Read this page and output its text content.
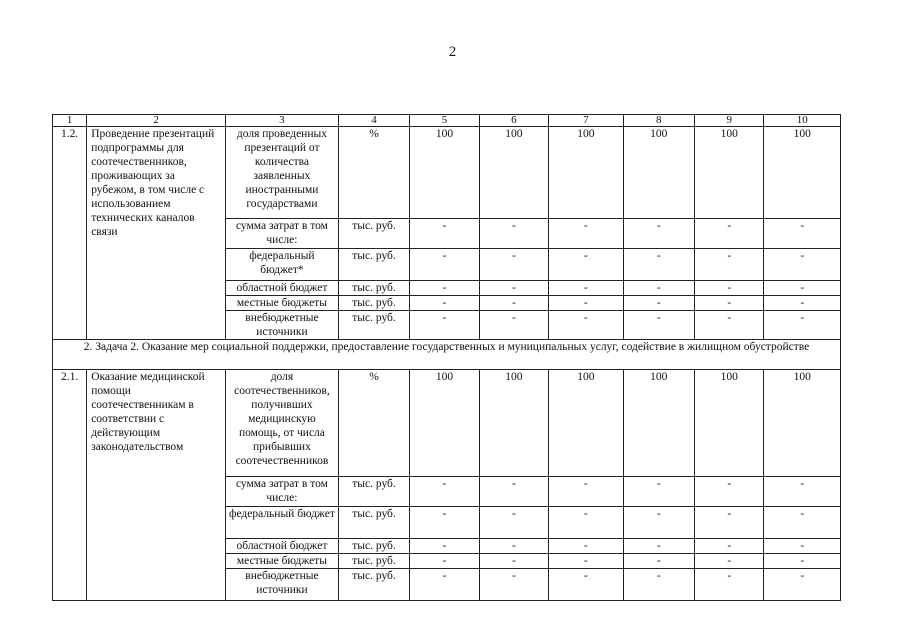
2
1	2	3	4	5	6	7	8	9	10
1.2.	Проведение презентаций подпрограммы для соотечественников, проживающих за рубежом, в том числе с использованием технических каналов связи	доля проведенных презентаций от количества заявленных иностранными государствами	%	100	100	100	100	100	100
		сумма затрат в том числе:	тыс. руб.	-	-	-	-	-	-
		федеральный бюджет*	тыс. руб.	-	-	-	-	-	-
		областной бюджет	тыс. руб.	-	-	-	-	-	-
		местные бюджеты	тыс. руб.	-	-	-	-	-	-
		внебюджетные источники	тыс. руб.	-	-	-	-	-	-
2. Задача 2. Оказание мер социальной поддержки, предоставление государственных и муниципальных услуг, содействие в жилищном обустройстве									
2.1.	Оказание медицинской помощи соотечественникам в соответствии с действующим законодательством	доля соотечественников, получивших медицинскую помощь, от числа прибывших соотечественников	%	100	100	100	100	100	100
		сумма затрат в том числе:	тыс. руб.	-	-	-	-	-	-
		федеральный бюджет	тыс. руб.	-	-	-	-	-	-
		областной бюджет	тыс. руб.	-	-	-	-	-	-
		местные бюджеты	тыс. руб.	-	-	-	-	-	-
		внебюджетные источники	тыс. руб.	-	-	-	-	-	-
